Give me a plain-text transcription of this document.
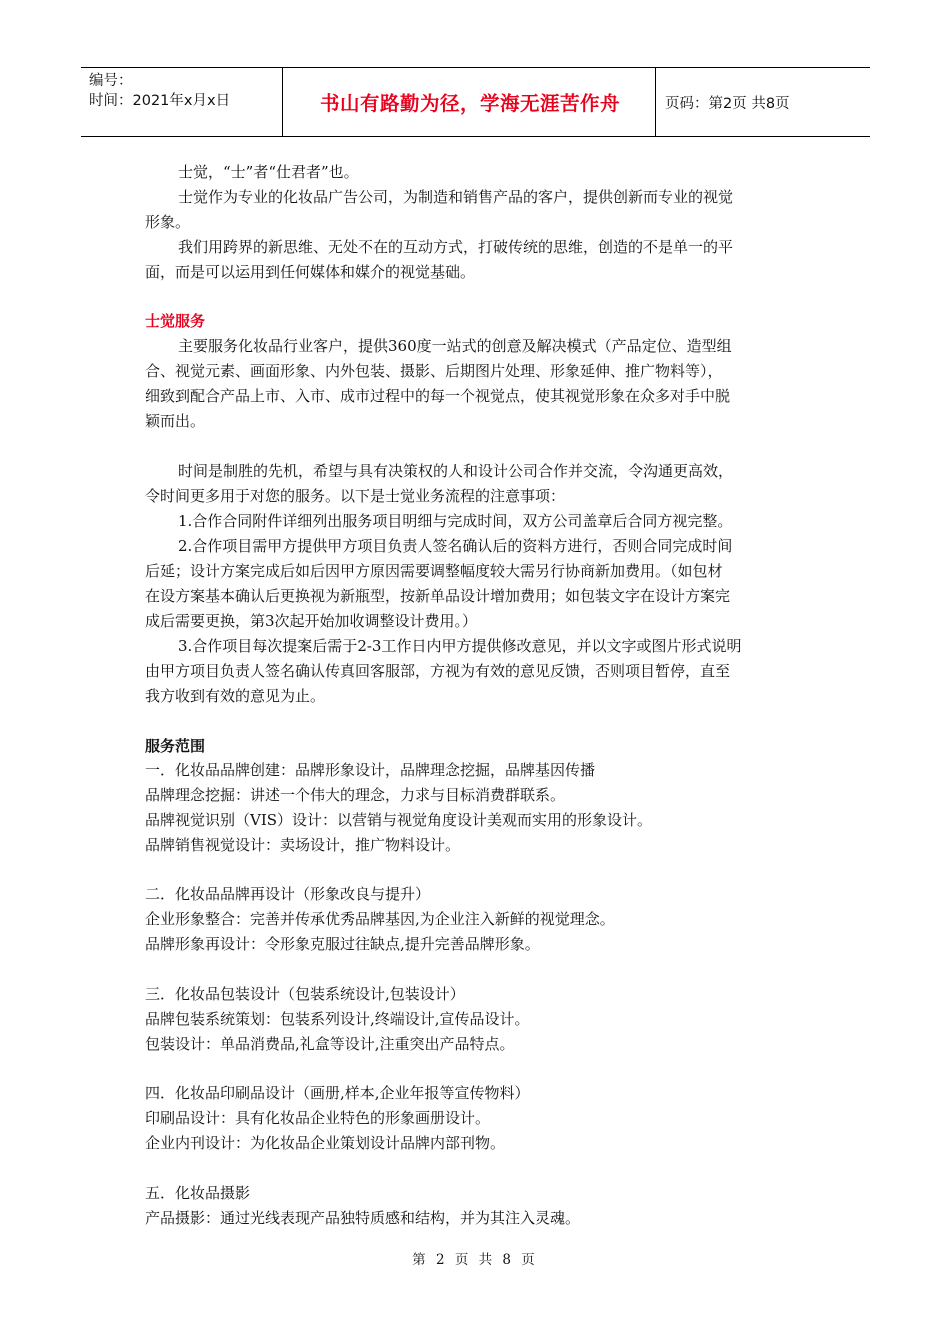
编号：
时间：2021年x月x日	书山有路勤为径，学海无涯苦作舟	页码：第2页 共8页
士觉，“士”者“仕君者”也。
士觉作为专业的化妆品广告公司，为制造和销售产品的客户，提供创新而专业的视觉
形象。
我们用跨界的新思维、无处不在的互动方式，打破传统的思维，创造的不是单一的平
面，而是可以运用到任何媒体和媒介的视觉基础。
士觉服务
主要服务化妆品行业客户，提供360度一站式的创意及解决模式（产品定位、造型组
合、视觉元素、画面形象、内外包装、摄影、后期图片处理、形象延伸、推广物料等），
细致到配合产品上市、入市、成市过程中的每一个视觉点，使其视觉形象在众多对手中脱
颖而出。
时间是制胜的先机，希望与具有决策权的人和设计公司合作并交流，令沟通更高效，
令时间更多用于对您的服务。以下是士觉业务流程的注意事项：
1.合作合同附件详细列出服务项目明细与完成时间，双方公司盖章后合同方视完整。
2.合作项目需甲方提供甲方项目负责人签名确认后的资料方进行，否则合同完成时间
后延；设计方案完成后如后因甲方原因需要调整幅度较大需另行协商新加费用。（如包材
在设方案基本确认后更换视为新瓶型，按新单品设计增加费用；如包装文字在设计方案完
成后需要更换，第3次起开始加收调整设计费用。）
3.合作项目每次提案后需于2-3工作日内甲方提供修改意见，并以文字或图片形式说明
由甲方项目负责人签名确认传真回客服部，方视为有效的意见反馈，否则项目暂停，直至
我方收到有效的意见为止。
服务范围
一．化妆品品牌创建：品牌形象设计，品牌理念挖掘，品牌基因传播
品牌理念挖掘：讲述一个伟大的理念，力求与目标消费群联系。
品牌视觉识别（VIS）设计：以营销与视觉角度设计美观而实用的形象设计。
品牌销售视觉设计：卖场设计，推广物料设计。
二．化妆品品牌再设计（形象改良与提升）
企业形象整合：完善并传承优秀品牌基因,为企业注入新鲜的视觉理念。
品牌形象再设计：令形象克服过往缺点,提升完善品牌形象。
三．化妆品包装设计（包装系统设计,包装设计）
品牌包装系统策划：包装系列设计,终端设计,宣传品设计。
包装设计：单品消费品,礼盒等设计,注重突出产品特点。
四．化妆品印刷品设计（画册,样本,企业年报等宣传物料）
印刷品设计：具有化妆品企业特色的形象画册设计。
企业内刊设计：为化妆品企业策划设计品牌内部刊物。
五．化妆品摄影
产品摄影：通过光线表现产品独特质感和结构，并为其注入灵魂。
第 2 页 共 8 页
